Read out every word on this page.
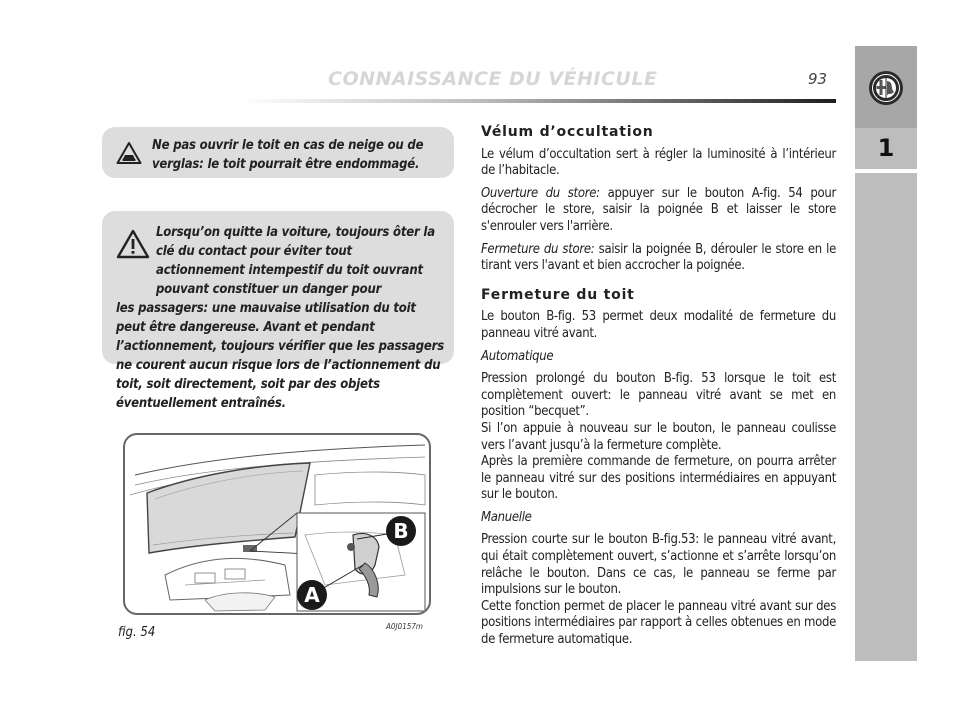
CONNAISSANCE DU VÉHICULE	93
1

Ne pas ouvrir le toit en cas de neige ou de verglas: le toit pourrait être endommagé.

Lorsqu’on quitte la voiture, toujours ôter la clé du contact pour éviter tout actionnement intempestif du toit ouvrant pouvant constituer un danger pour

les passagers: une mauvaise utilisation du toit peut être dangereuse. Avant et pendant l’actionnement, toujours vérifier que les passagers ne courent aucun risque lors de l’actionnement du toit, soit directement, soit par des objets éventuellement entraînés.

B
A
fig. 54	A0J0157m
Vélum d’occultation

Le vélum d’occultation sert à régler la luminosité à l’intérieur de l’habitacle.

Ouverture du store: appuyer sur le bouton A-fig. 54 pour décrocher le store, saisir la poignée B et laisser le store s'enrouler vers l'arrière.

Fermeture du store: saisir la poignée B, dérouler le store en le tirant vers l'avant et bien accrocher la poignée.

Fermeture du toit

Le bouton B-fig. 53 permet deux modalité de fermeture du panneau vitré avant.

Automatique

Pression prolongé du bouton B-fig. 53 lorsque le toit est complètement ouvert: le panneau vitré avant se met en position “becquet”.

Si l’on appuie à nouveau sur le bouton, le panneau coulisse vers l’avant jusqu’à la fermeture complète.

Après la première commande de fermeture, on pourra arrêter le panneau vitré sur des positions intermédiaires en appuyant sur le bouton.

Manuelle

Pression courte sur le bouton B-fig.53: le panneau vitré avant, qui était complètement ouvert, s’actionne et s’arrête lorsqu’on relâche le bouton. Dans ce cas, le panneau se ferme par impulsions sur le bouton.

Cette fonction permet de placer le panneau vitré avant sur des positions intermédiaires par rapport à celles obtenues en mode de fermeture automatique.
